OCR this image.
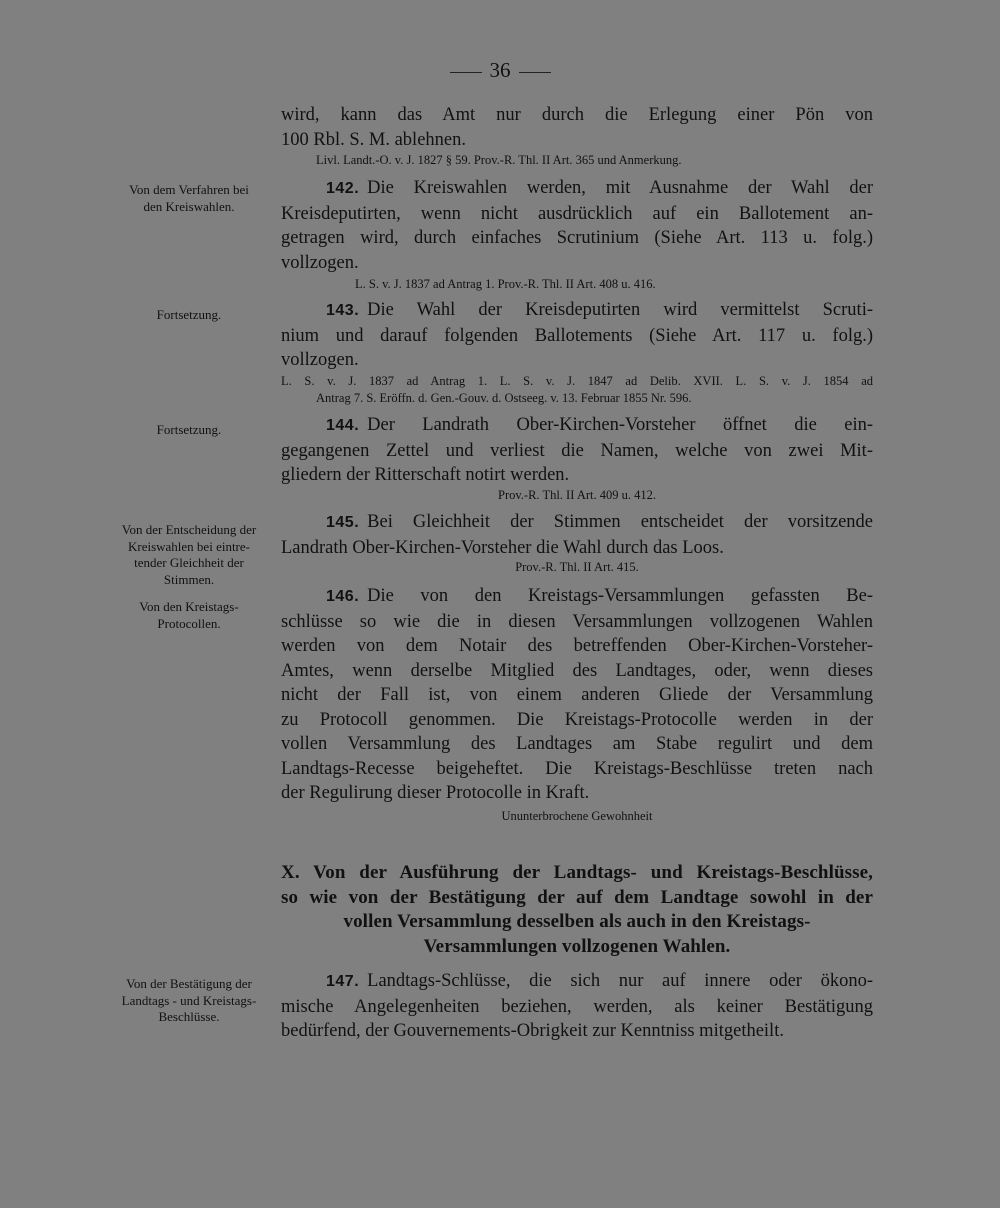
36
wird, kann das Amt nur durch die Erlegung einer Pön von
100 Rbl. S. M. ablehnen.
Livl. Landt.-O. v. J. 1827 § 59. Prov.-R. Thl. II Art. 365 und Anmerkung.
Von dem Verfahren bei
den Kreiswahlen.
Fortsetzung.
Fortsetzung.
Von der Entscheidung der
Kreiswahlen bei eintre-
tender Gleichheit der
Stimmen.
Von den Kreistags-
Protocollen.
Von der Bestätigung der
Landtags - und Kreistags-
Beschlüsse.
142. Die Kreiswahlen werden, mit Ausnahme der Wahl der
Kreisdeputirten, wenn nicht ausdrücklich auf ein Ballotement an-
getragen wird, durch einfaches Scrutinium (Siehe Art. 113 u. folg.)
vollzogen.
L. S. v. J. 1837 ad Antrag 1. Prov.-R. Thl. II Art. 408 u. 416.
143. Die Wahl der Kreisdeputirten wird vermittelst Scruti-
nium und darauf folgenden Ballotements (Siehe Art. 117 u. folg.)
vollzogen.
L. S. v. J. 1837 ad Antrag 1. L. S. v. J. 1847 ad Delib. XVII. L. S. v. J. 1854 ad
Antrag 7. S. Eröffn. d. Gen.-Gouv. d. Ostseeg. v. 13. Februar 1855 Nr. 596.
144. Der Landrath Ober-Kirchen-Vorsteher öffnet die ein-
gegangenen Zettel und verliest die Namen, welche von zwei Mit-
gliedern der Ritterschaft notirt werden.
Prov.-R. Thl. II Art. 409 u. 412.
145. Bei Gleichheit der Stimmen entscheidet der vorsitzende
Landrath Ober-Kirchen-Vorsteher die Wahl durch das Loos.
Prov.-R. Thl. II Art. 415.
146. Die von den Kreistags-Versammlungen gefassten Be-
schlüsse so wie die in diesen Versammlungen vollzogenen Wahlen
werden von dem Notair des betreffenden Ober-Kirchen-Vorsteher-
Amtes, wenn derselbe Mitglied des Landtages, oder, wenn dieses
nicht der Fall ist, von einem anderen Gliede der Versammlung
zu Protocoll genommen. Die Kreistags-Protocolle werden in der
vollen Versammlung des Landtages am Stabe regulirt und dem
Landtags-Recesse beigeheftet. Die Kreistags-Beschlüsse treten nach
der Regulirung dieser Protocolle in Kraft.
Ununterbrochene Gewohnheit
X. Von der Ausführung der Landtags- und Kreistags-Beschlüsse,
so wie von der Bestätigung der auf dem Landtage sowohl in der
vollen Versammlung desselben als auch in den Kreistags-
Versammlungen vollzogenen Wahlen.
147. Landtags-Schlüsse, die sich nur auf innere oder ökono-
mische Angelegenheiten beziehen, werden, als keiner Bestätigung
bedürfend, der Gouvernements-Obrigkeit zur Kenntniss mitgetheilt.
